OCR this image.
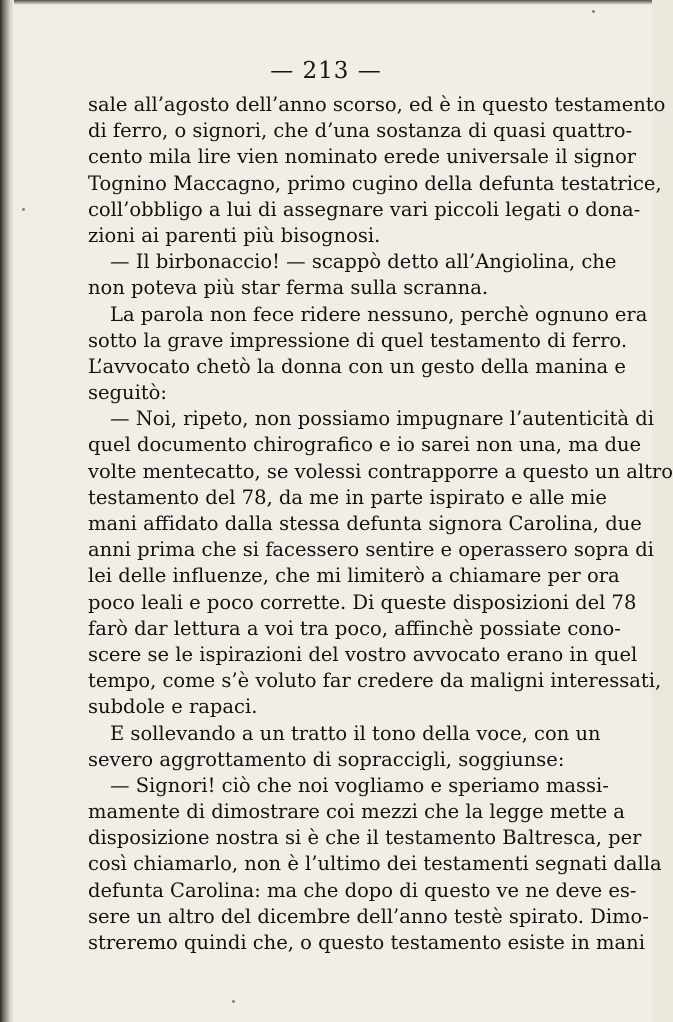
— 213 —
sale all’agosto dell’anno scorso, ed è in questo testamento
di ferro, o signori, che d’una sostanza di quasi quattro-
cento mila lire vien nominato erede universale il signor
Tognino Maccagno, primo cugino della defunta testatrice,
coll’obbligo a lui di assegnare vari piccoli legati o dona-
zioni ai parenti più bisognosi.
— Il birbonaccio! — scappò detto all’Angiolina, che
non poteva più star ferma sulla scranna.
La parola non fece ridere nessuno, perchè ognuno era
sotto la grave impressione di quel testamento di ferro.
L’avvocato chetò la donna con un gesto della manina e
seguitò:
— Noi, ripeto, non possiamo impugnare l’autenticità di
quel documento chirografico e io sarei non una, ma due
volte mentecatto, se volessi contrapporre a questo un altro
testamento del 78, da me in parte ispirato e alle mie
mani affidato dalla stessa defunta signora Carolina, due
anni prima che si facessero sentire e operassero sopra di
lei delle influenze, che mi limiterò a chiamare per ora
poco leali e poco corrette. Di queste disposizioni del 78
farò dar lettura a voi tra poco, affinchè possiate cono-
scere se le ispirazioni del vostro avvocato erano in quel
tempo, come s’è voluto far credere da maligni interessati,
subdole e rapaci.
E sollevando a un tratto il tono della voce, con un
severo aggrottamento di sopraccigli, soggiunse:
— Signori! ciò che noi vogliamo e speriamo massi-
mamente di dimostrare coi mezzi che la legge mette a
disposizione nostra si è che il testamento Baltresca, per
così chiamarlo, non è l’ultimo dei testamenti segnati dalla
defunta Carolina: ma che dopo di questo ve ne deve es-
sere un altro del dicembre dell’anno testè spirato. Dimo-
streremo quindi che, o questo testamento esiste in mani
